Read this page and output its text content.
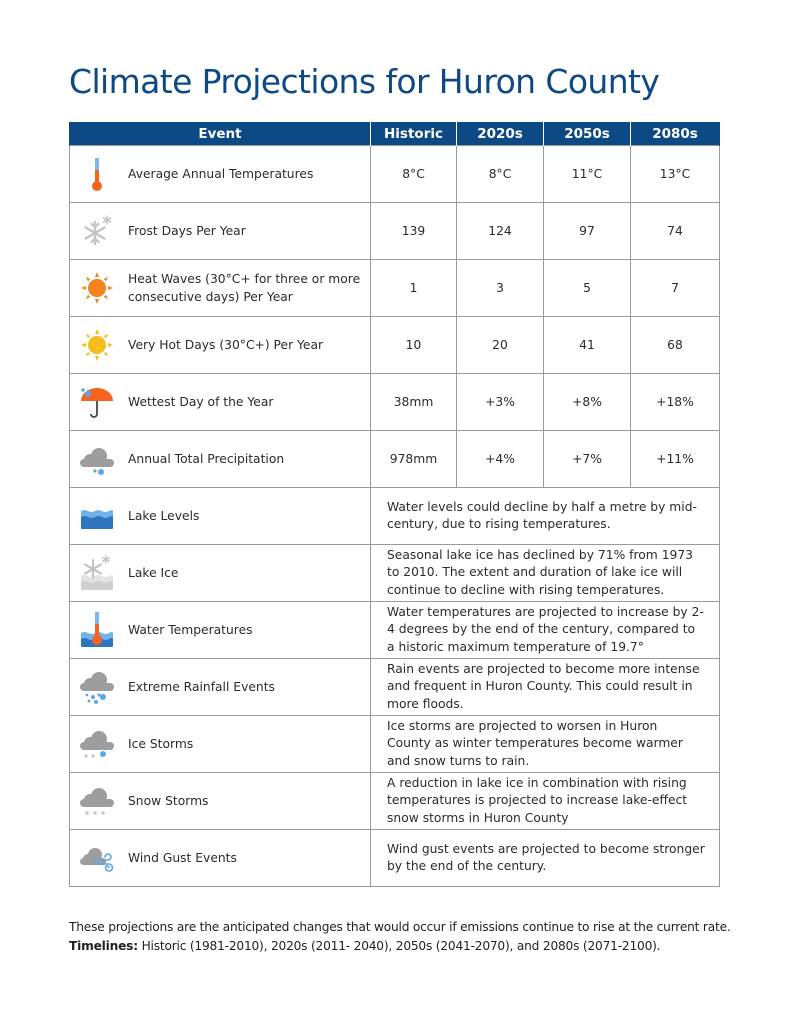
Climate Projections for Huron County
Event	Historic	2020s	2050s	2080s

Average Annual Temperatures	8°C	8°C	11°C	13°C

Frost Days Per Year	139	124	97	74

Heat Waves (30°C+ for three or more consecutive days) Per Year	1	3	5	7

Very Hot Days (30°C+) Per Year	10	20	41	68

Wettest Day of the Year	38mm	+3%	+8%	+18%

Annual Total Precipitation	978mm	+4%	+7%	+11%

Lake Levels	Water levels could decline by half a metre by mid-century, due to rising temperatures.			

Lake Ice	Seasonal lake ice has declined by 71% from 1973 to 2010. The extent and duration of lake ice will continue to decline with rising temperatures.			

Water Temperatures	Water temperatures are projected to increase by 2-4 degrees by the end of the century, compared to a historic maximum temperature of 19.7°			

Extreme Rainfall Events	Rain events are projected to become more intense and frequent in Huron County. This could result in more floods.			

Ice Storms	Ice storms are projected to worsen in Huron County as winter temperatures become warmer and snow turns to rain.			

Snow Storms	A reduction in lake ice in combination with rising temperatures is projected to increase lake-effect snow storms in Huron County			

Wind Gust Events	Wind gust events are projected to become stronger by the end of the century.			
These projections are the anticipated changes that would occur if emissions continue to rise at the current rate.
Timelines: Historic (1981-2010), 2020s (2011- 2040), 2050s (2041-2070), and 2080s (2071-2100).
